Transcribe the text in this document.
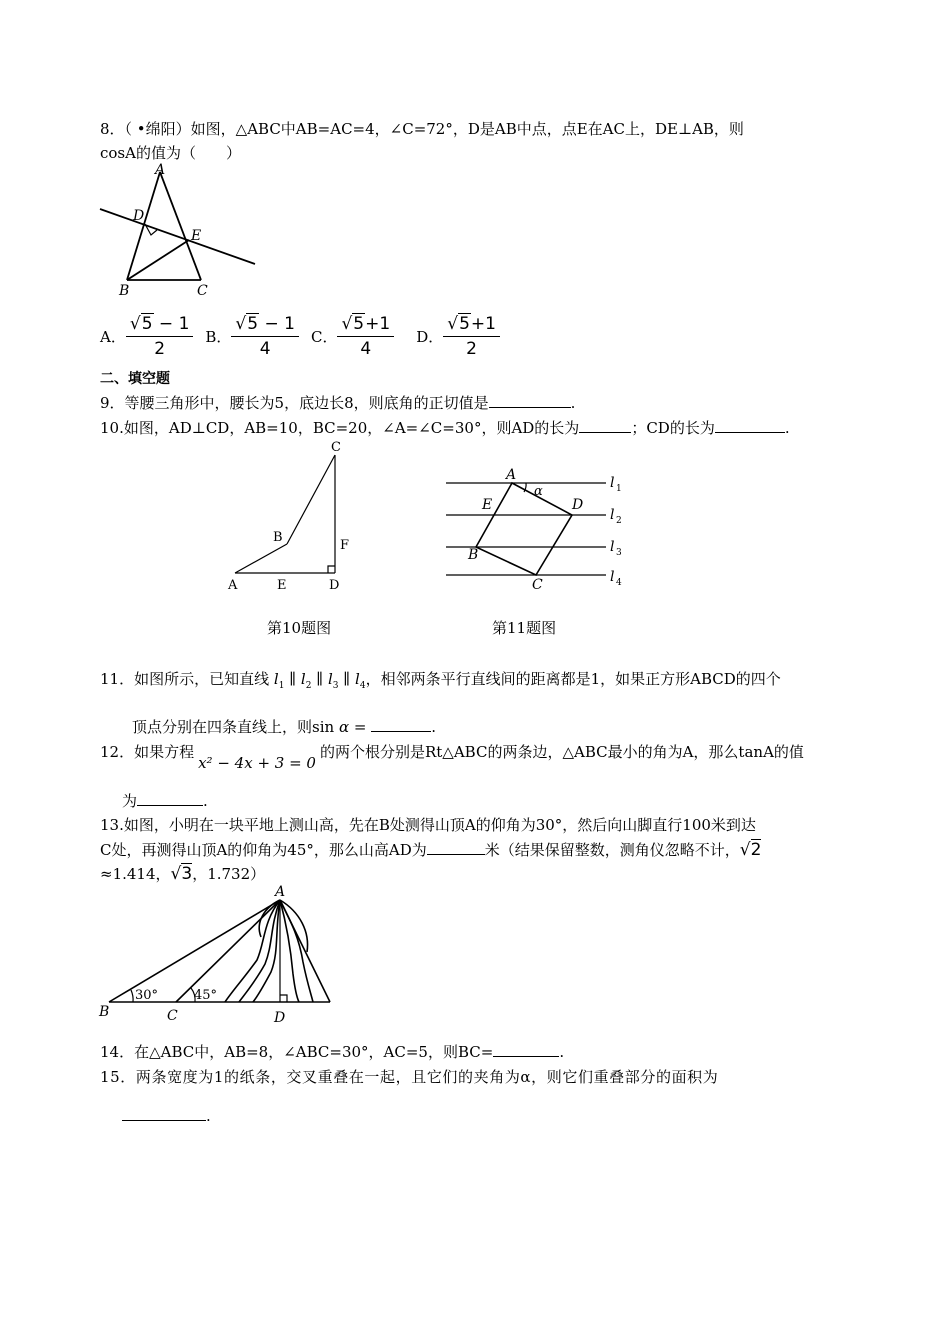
8．（ •绵阳）如图，△ABC中AB=AC=4，∠C=72°，D是AB中点，点E在AC上，DE⊥AB，则
cosA的值为（　　）
A
D
E
B	C
A． $\frac{√5 - 1}{2}$ B． $\frac{√5 - 1}{4}$ C． $\frac{√5+1}{4}$ D． $\frac{√5+1}{2}$
二、填空题
9．等腰三角形中，腰长为5，底边长8，则底角的正切值是	.
10.如图，AD⊥CD，AB=10，BC=20，∠A=∠C=30°，则AD的长为	；CD的长为	.
C
B
F
A	E	D
A
α
E	D
B
C
l 1
l 2
l 3
l 4
第10题图	第11题图
11．如图所示，已知直线 $l_1$ ∥ $l_2$ ∥ $l_3$ ∥ $l_4$，相邻两条平行直线间的距离都是1，如果正方形ABCD的四个
顶点分别在四条直线上，则sin α =	.
12．如果方程x² − 4x + 3 = 0的两个根分别是Rt△ABC的两条边，△ABC最小的角为A，那么tanA的值
为	.
13.如图，小明在一块平地上测山高，先在B处测得山顶A的仰角为30°，然后向山脚直行100米到达
C处，再测得山顶A的仰角为45°，那么山高AD为	米（结果保留整数，测角仪忽略不计，√2
≈1.414，√3，1.732）
A
30°	45°
B	C	D
14．在△ABC中，AB=8，∠ABC=30°，AC=5，则BC=	.
15．两条宽度为1的纸条，交叉重叠在一起，且它们的夹角为α，则它们重叠部分的面积为
.
